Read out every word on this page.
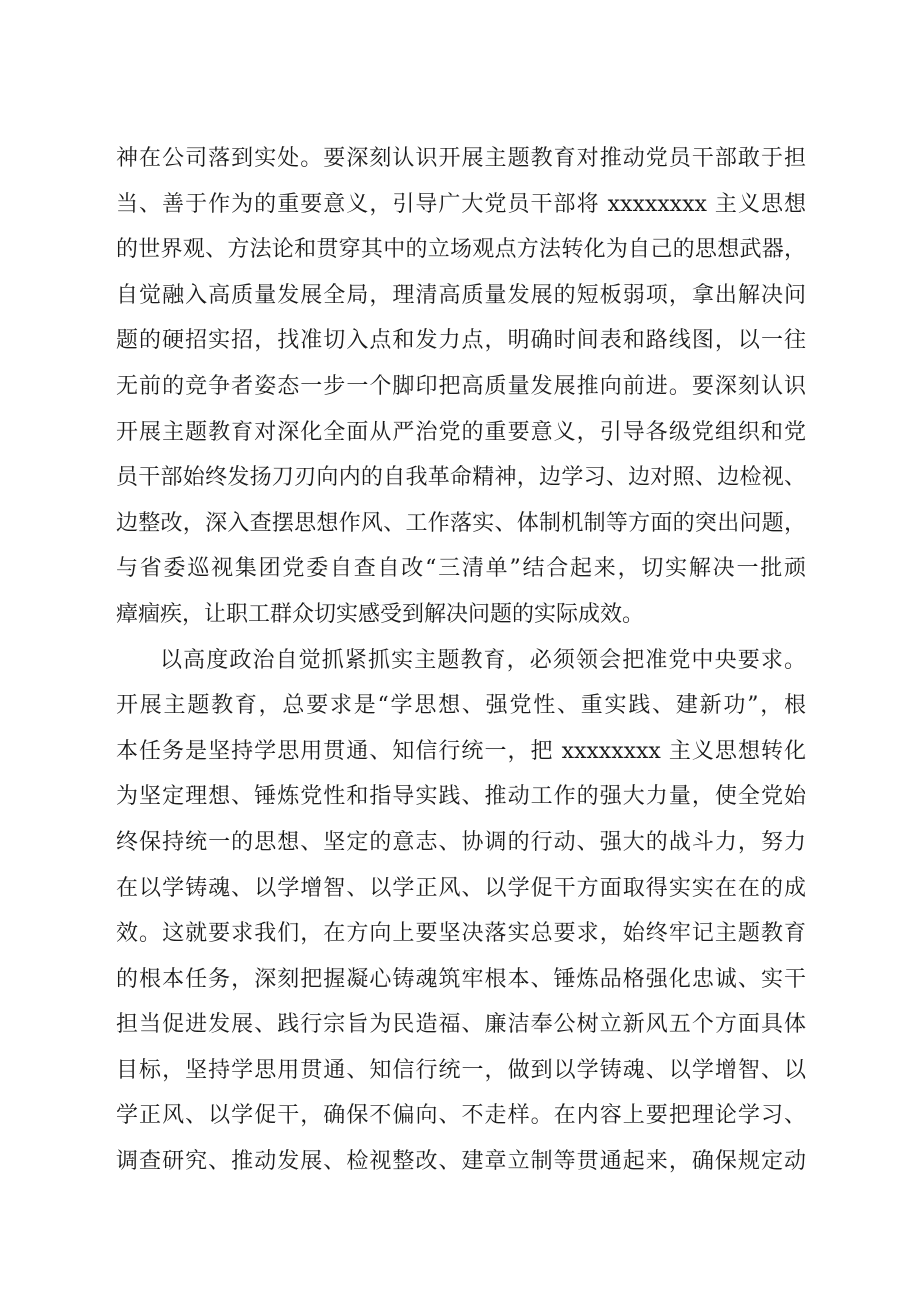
神在公司落到实处。要深刻认识开展主题教育对推动党员干部敢于担
当、善于作为的重要意义，引导广大党员干部将 xxxxxxxx 主义思想
的世界观、方法论和贯穿其中的立场观点方法转化为自己的思想武器，
自觉融入高质量发展全局，理清高质量发展的短板弱项，拿出解决问
题的硬招实招，找准切入点和发力点，明确时间表和路线图，以一往
无前的竞争者姿态一步一个脚印把高质量发展推向前进。要深刻认识
开展主题教育对深化全面从严治党的重要意义，引导各级党组织和党
员干部始终发扬刀刃向内的自我革命精神，边学习、边对照、边检视、
边整改，深入查摆思想作风、工作落实、体制机制等方面的突出问题，
与省委巡视集团党委自查自改“三清单”结合起来，切实解决一批顽
瘴痼疾，让职工群众切实感受到解决问题的实际成效。
以高度政治自觉抓紧抓实主题教育，必须领会把准党中央要求。
开展主题教育，总要求是“学思想、强党性、重实践、建新功”，根
本任务是坚持学思用贯通、知信行统一，把 xxxxxxxx 主义思想转化
为坚定理想、锤炼党性和指导实践、推动工作的强大力量，使全党始
终保持统一的思想、坚定的意志、协调的行动、强大的战斗力，努力
在以学铸魂、以学增智、以学正风、以学促干方面取得实实在在的成
效。这就要求我们，在方向上要坚决落实总要求，始终牢记主题教育
的根本任务，深刻把握凝心铸魂筑牢根本、锤炼品格强化忠诚、实干
担当促进发展、践行宗旨为民造福、廉洁奉公树立新风五个方面具体
目标，坚持学思用贯通、知信行统一，做到以学铸魂、以学增智、以
学正风、以学促干，确保不偏向、不走样。在内容上要把理论学习、
调查研究、推动发展、检视整改、建章立制等贯通起来，确保规定动
